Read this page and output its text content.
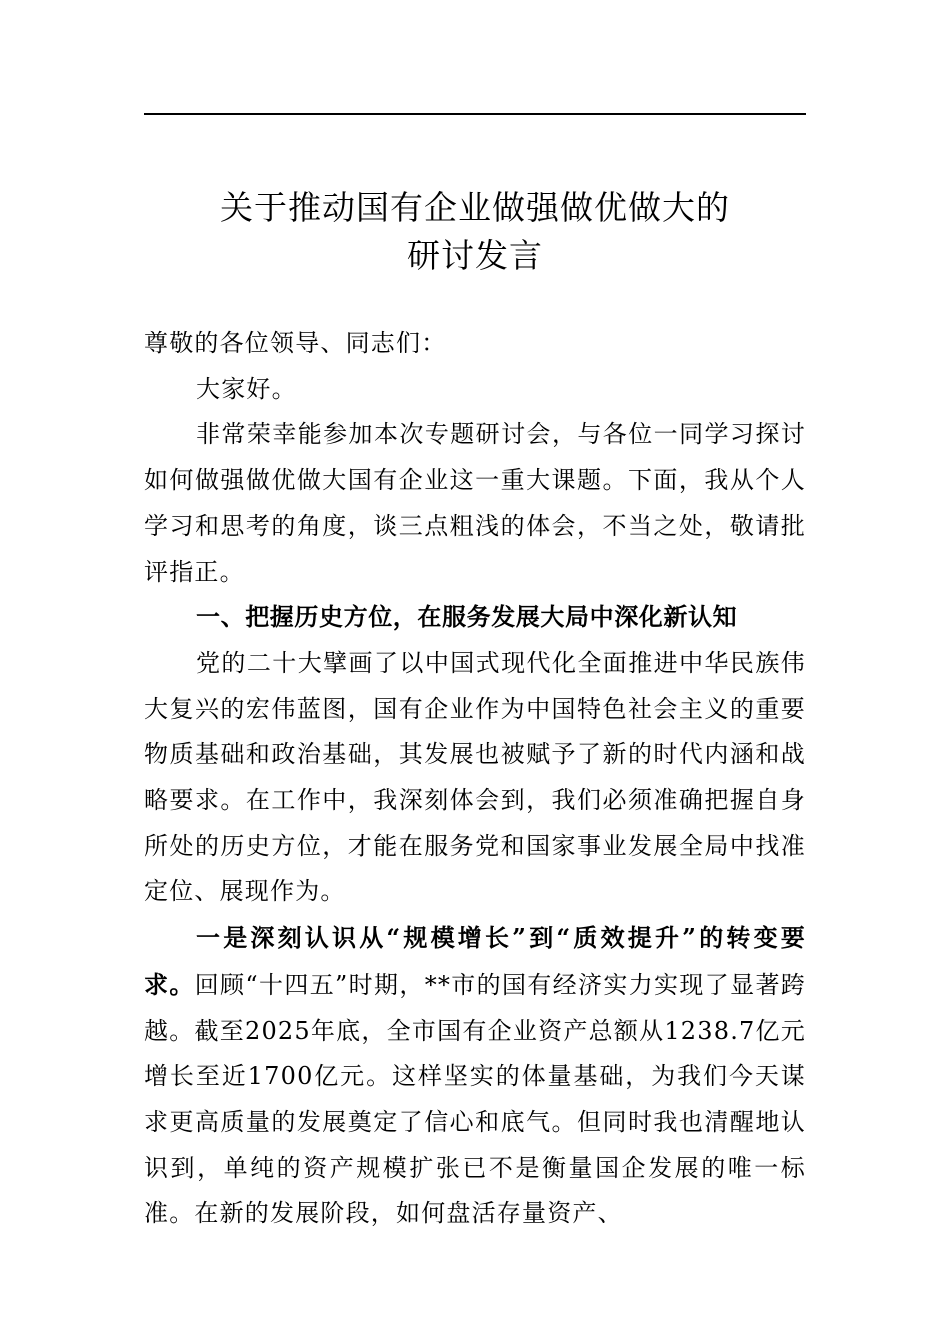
关于推动国有企业做强做优做大的
研讨发言

尊敬的各位领导、同志们：

大家好。

非常荣幸能参加本次专题研讨会，与各位一同学习探讨如何做强做优做大国有企业这一重大课题。下面，我从个人学习和思考的角度，谈三点粗浅的体会，不当之处，敬请批评指正。

一、把握历史方位，在服务发展大局中深化新认知

党的二十大擘画了以中国式现代化全面推进中华民族伟大复兴的宏伟蓝图，国有企业作为中国特色社会主义的重要物质基础和政治基础，其发展也被赋予了新的时代内涵和战略要求。在工作中，我深刻体会到，我们必须准确把握自身所处的历史方位，才能在服务党和国家事业发展全局中找准定位、展现作为。

一是深刻认识从“规模增长”到“质效提升”的转变要求。回顾“十四五”时期，**市的国有经济实力实现了显著跨越。截至2025年底，全市国有企业资产总额从1238.7亿元增长至近1700亿元。这样坚实的体量基础，为我们今天谋求更高质量的发展奠定了信心和底气。但同时我也清醒地认识到，单纯的资产规模扩张已不是衡量国企发展的唯一标准。在新的发展阶段，如何盘活存量资产、
